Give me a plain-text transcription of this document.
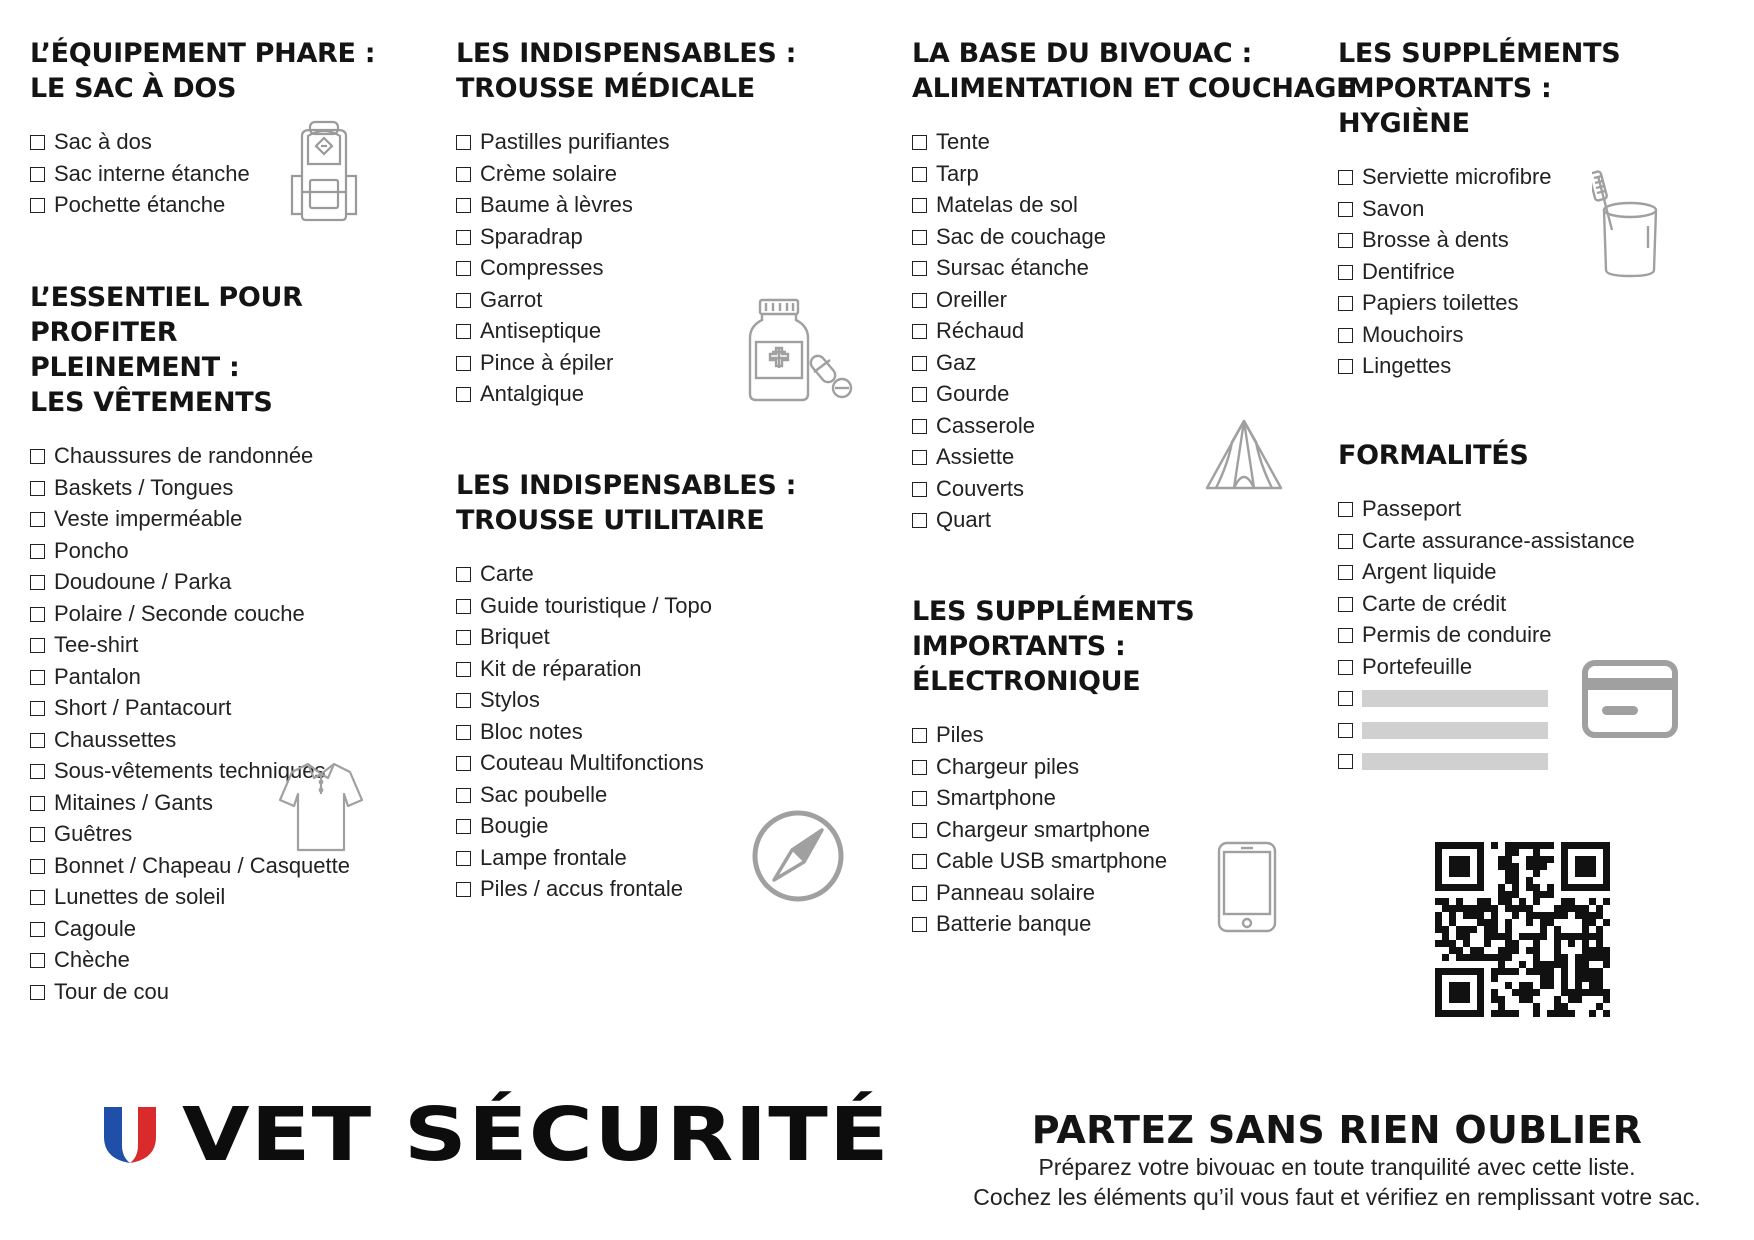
L’ÉQUIPEMENT PHARE :
LE SAC À DOS
Sac à dos
Sac interne étanche
Pochette étanche
L’ESSENTIEL POUR PROFITER
PLEINEMENT :
LES VÊTEMENTS
Chaussures de randonnée
Baskets / Tongues
Veste imperméable
Poncho
Doudoune / Parka
Polaire / Seconde couche
Tee-shirt
Pantalon
Short / Pantacourt
Chaussettes
Sous-vêtements techniques
Mitaines / Gants
Guêtres
Bonnet / Chapeau / Casquette
Lunettes de soleil
Cagoule
Chèche
Tour de cou
LES INDISPENSABLES :
TROUSSE MÉDICALE
Pastilles purifiantes
Crème solaire
Baume à lèvres
Sparadrap
Compresses
Garrot
Antiseptique
Pince à épiler
Antalgique
LES INDISPENSABLES :
TROUSSE UTILITAIRE
Carte
Guide touristique / Topo
Briquet
Kit de réparation
Stylos
Bloc notes
Couteau Multifonctions
Sac poubelle
Bougie
Lampe frontale
Piles / accus frontale
LA BASE DU BIVOUAC :
ALIMENTATION ET COUCHAGE
Tente
Tarp
Matelas de sol
Sac de couchage
Sursac étanche
Oreiller
Réchaud
Gaz
Gourde
Casserole
Assiette
Couverts
Quart
LES SUPPLÉMENTS
IMPORTANTS :
ÉLECTRONIQUE
Piles
Chargeur piles
Smartphone
Chargeur smartphone
Cable USB smartphone
Panneau solaire
Batterie banque
LES SUPPLÉMENTS
IMPORTANTS :
HYGIÈNE
Serviette microfibre
Savon
Brosse à dents
Dentifrice
Papiers toilettes
Mouchoirs
Lingettes
FORMALITÉS
Passeport
Carte assurance-assistance
Argent liquide
Carte de crédit
Permis de conduire
Portefeuille
VET SÉCURITÉ	PARTEZ SANS RIEN OUBLIER

Préparez votre bivouac en toute tranquilité avec cette liste.

Cochez les éléments qu’il vous faut et vérifiez en remplissant votre sac.
